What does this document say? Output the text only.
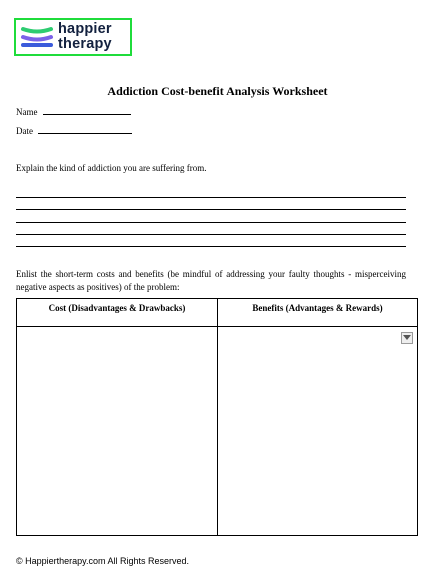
happier
therapy
Addiction Cost-benefit Analysis Worksheet
Name
Date
Explain the kind of addiction you are suffering from.
Enlist the short-term costs and benefits (be mindful of addressing your faulty thoughts - misperceiving negative aspects as positives) of the problem:
Cost (Disadvantages & Drawbacks)	Benefits (Advantages & Rewards)
© Happiertherapy.com All Rights Reserved.
